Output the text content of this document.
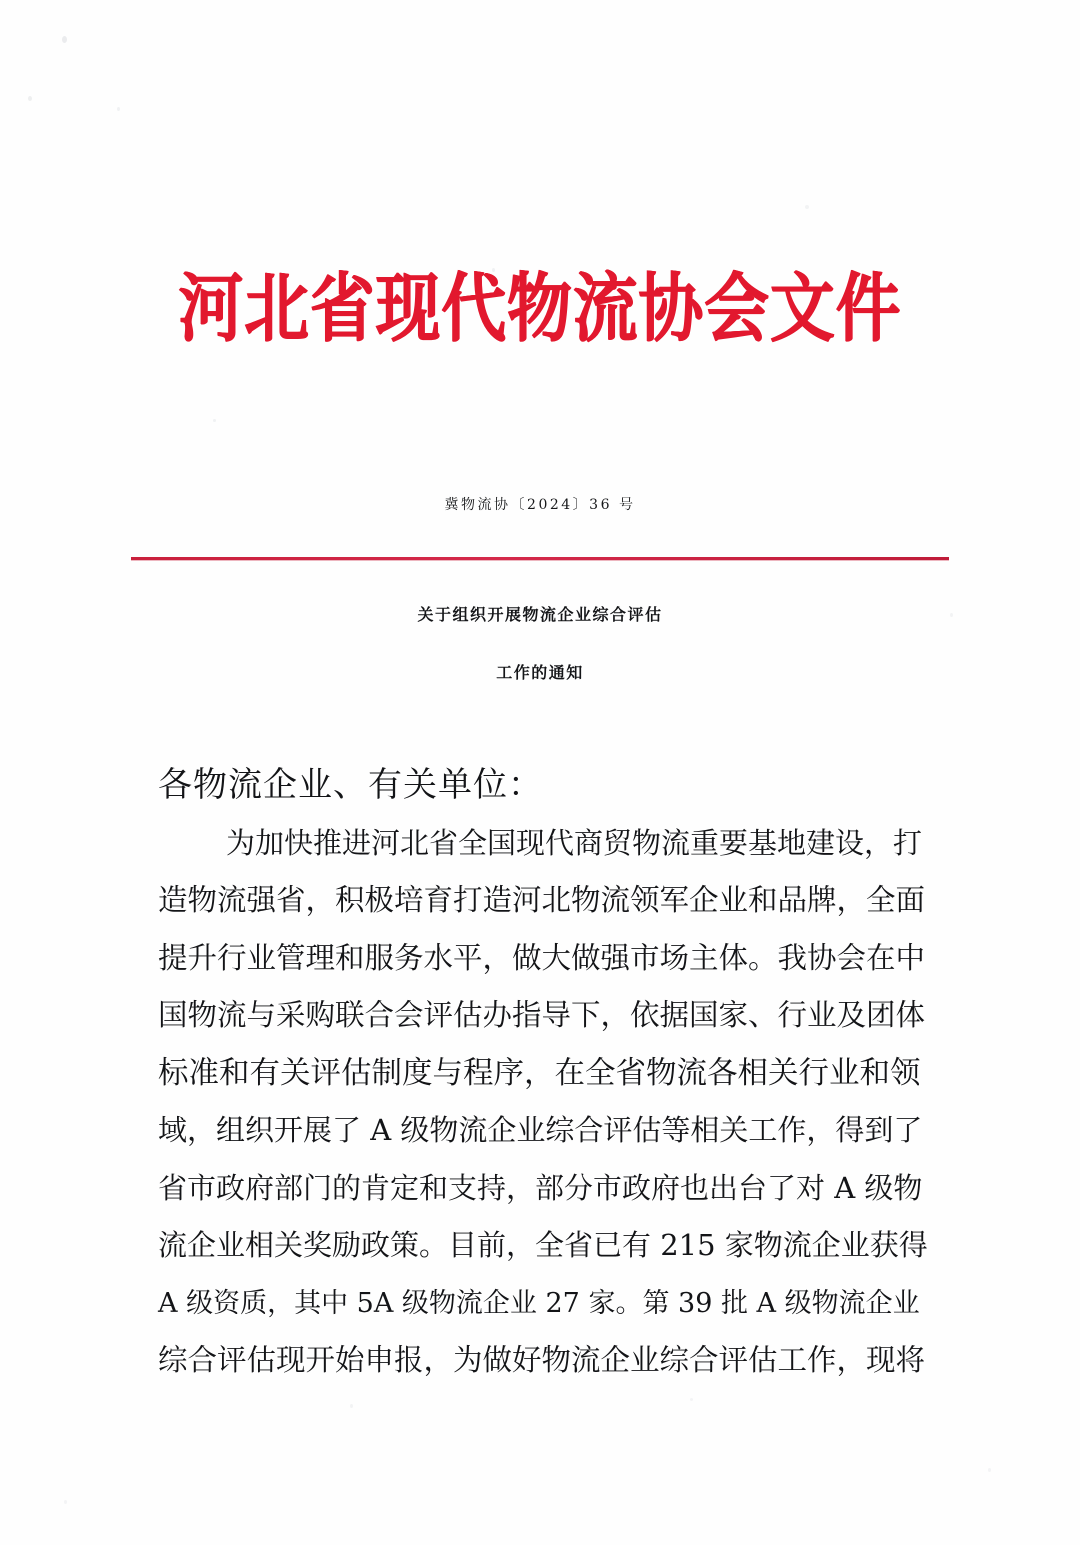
河北省现代物流协会文件
冀物流协〔2024〕36 号
关于组织开展物流企业综合评估
工作的通知
各物流企业、有关单位：
为加快推进河北省全国现代商贸物流重要基地建设，打
造物流强省，积极培育打造河北物流领军企业和品牌，全面
提升行业管理和服务水平，做大做强市场主体。我协会在中
国物流与采购联合会评估办指导下，依据国家、行业及团体
标准和有关评估制度与程序，在全省物流各相关行业和领
域，组织开展了 A 级物流企业综合评估等相关工作，得到了
省市政府部门的肯定和支持，部分市政府也出台了对 A 级物
流企业相关奖励政策。目前，全省已有 215 家物流企业获得
A 级资质，其中 5A 级物流企业 27 家。第 39 批 A 级物流企业
综合评估现开始申报，为做好物流企业综合评估工作，现将
